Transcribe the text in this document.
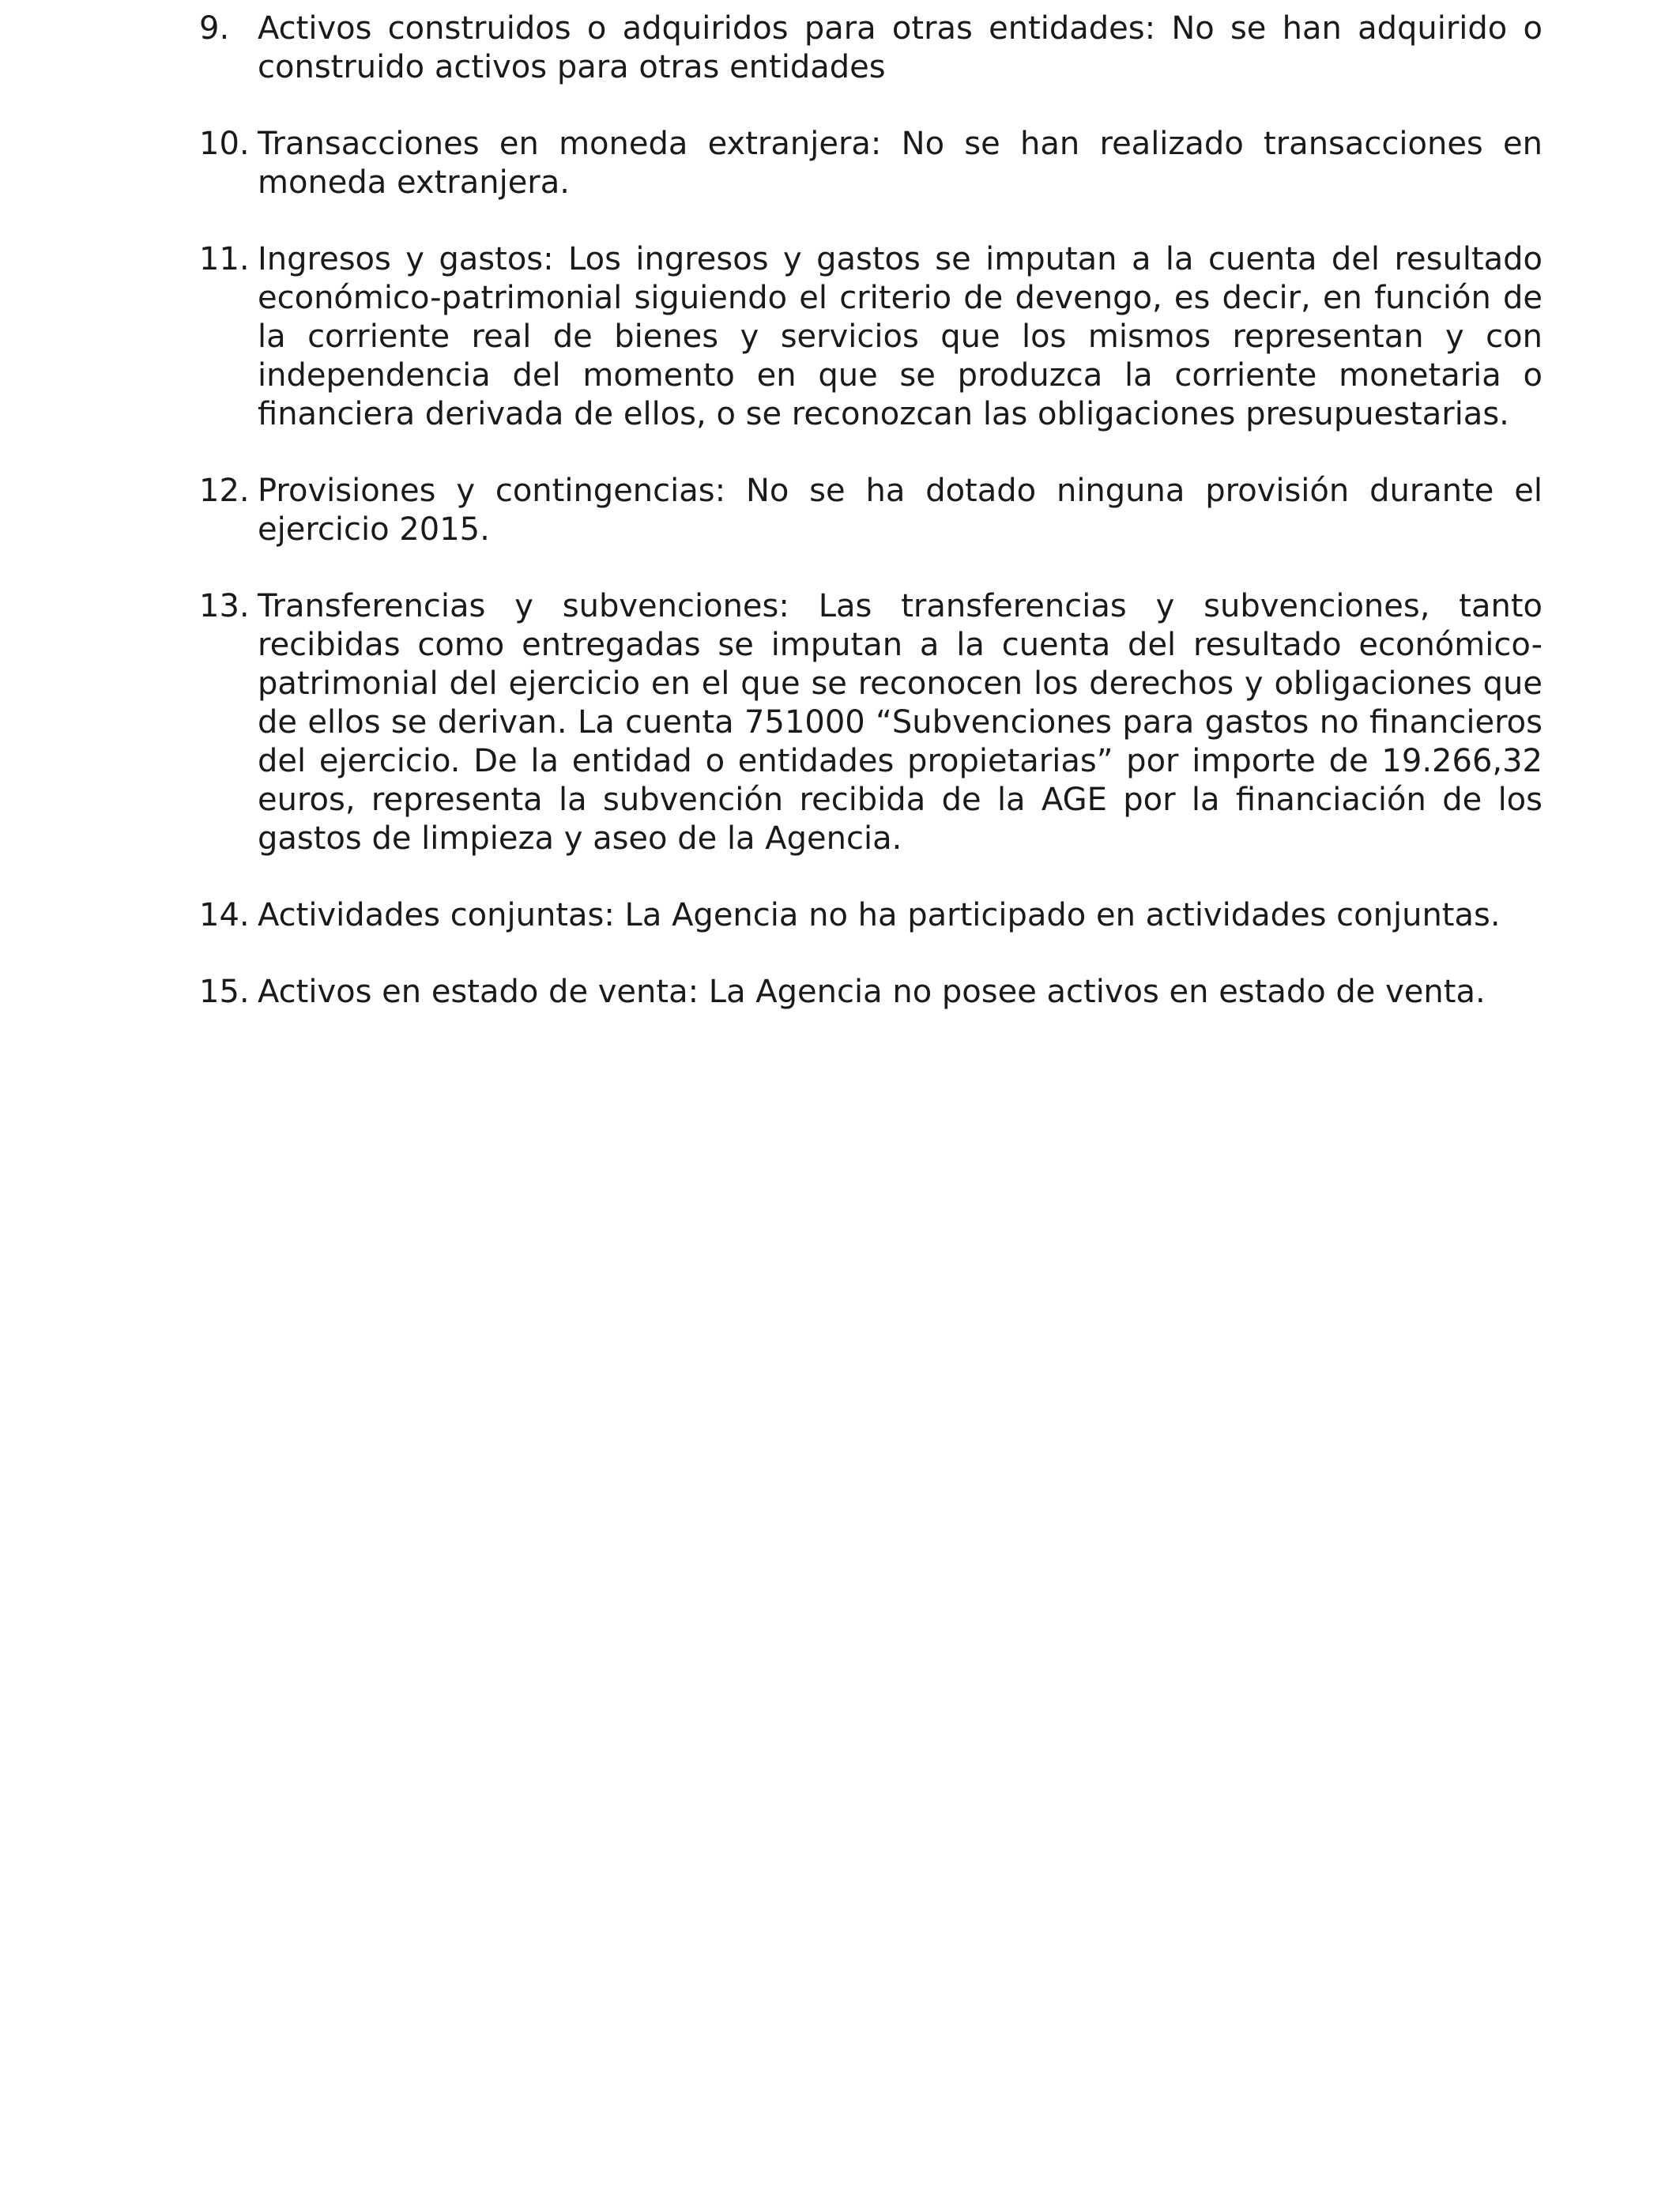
9. Activos construidos o adquiridos para otras entidades: No se han adquirido o construido activos para otras entidades
10. Transacciones en moneda extranjera: No se han realizado transacciones en moneda extranjera.
11. Ingresos y gastos: Los ingresos y gastos se imputan a la cuenta del resultado económico-patrimonial siguiendo el criterio de devengo, es decir, en función de la corriente real de bienes y servicios que los mismos representan y con independencia del momento en que se produzca la corriente monetaria o financiera derivada de ellos, o se reconozcan las obligaciones presupuestarias.
12. Provisiones y contingencias: No se ha dotado ninguna provisión durante el ejercicio 2015.
13. Transferencias y subvenciones: Las transferencias y subvenciones, tanto recibidas como entregadas se imputan a la cuenta del resultado económico-patrimonial del ejercicio en el que se reconocen los derechos y obligaciones que de ellos se derivan. La cuenta 751000 “Subvenciones para gastos no financieros del ejercicio. De la entidad o entidades propietarias” por importe de 19.266,32 euros, representa la subvención recibida de la AGE por la financiación de los gastos de limpieza y aseo de la Agencia.
14. Actividades conjuntas: La Agencia no ha participado en actividades conjuntas.
15. Activos en estado de venta: La Agencia no posee activos en estado de venta.
